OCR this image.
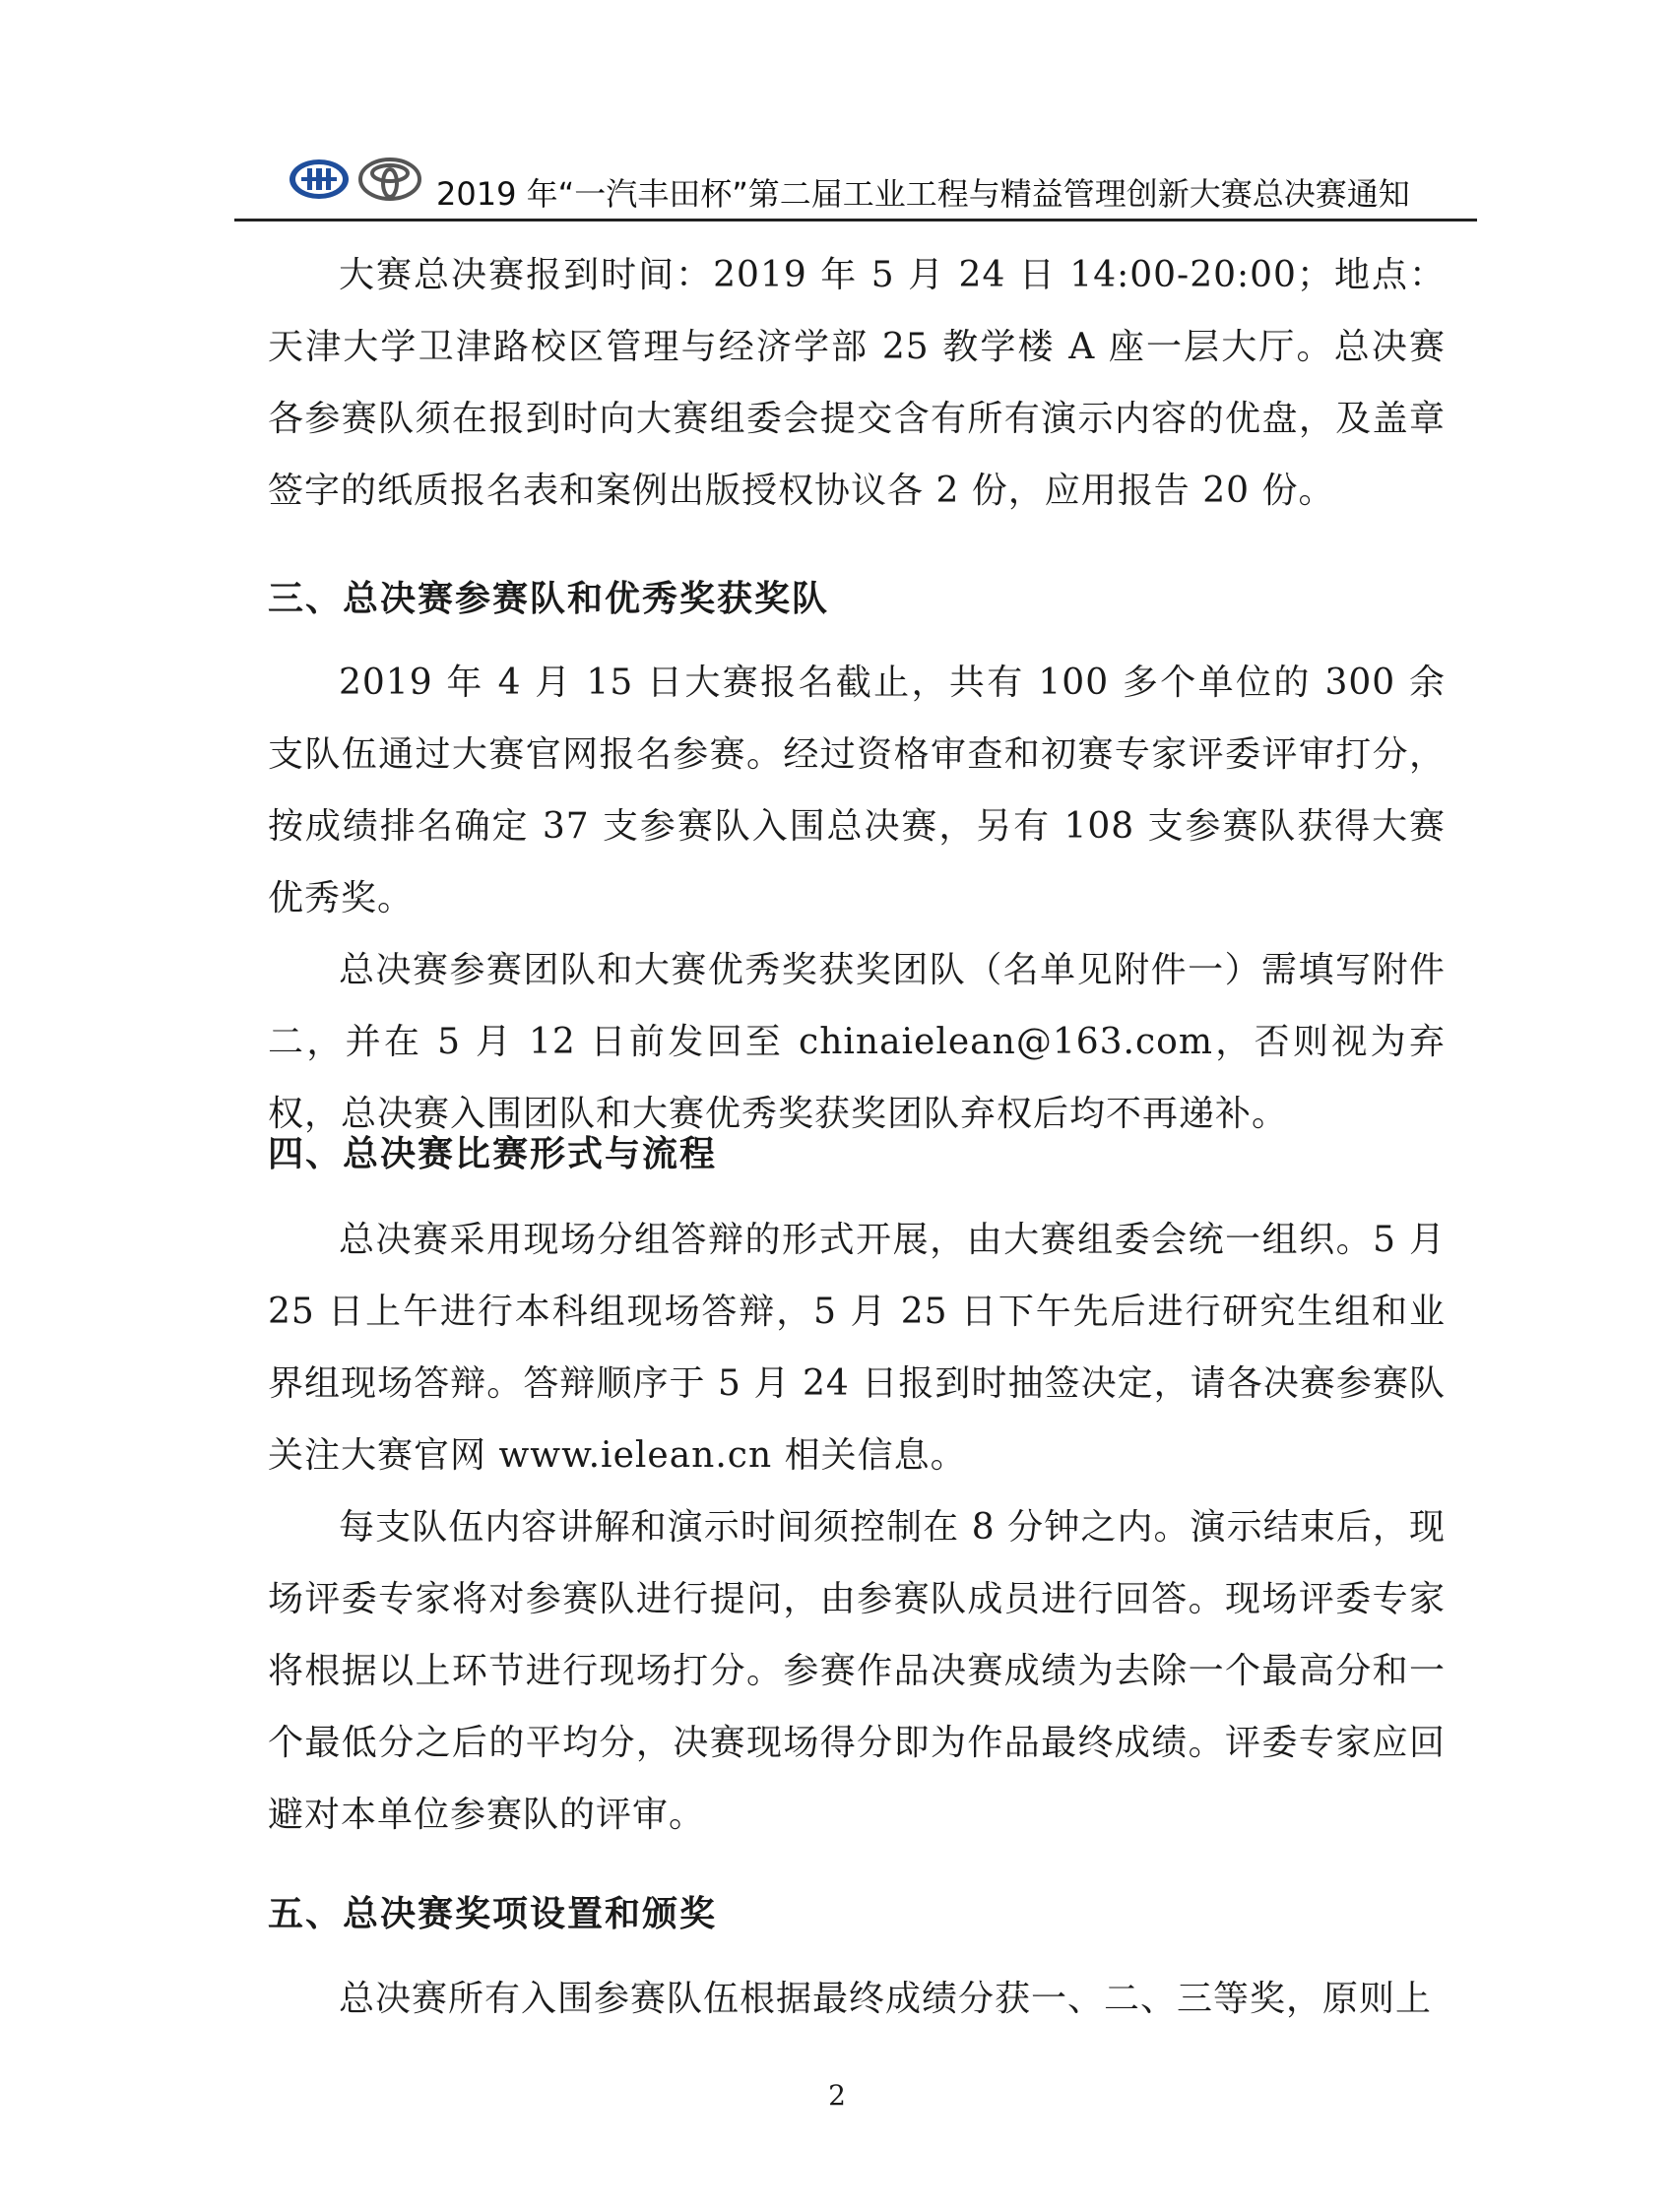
2019 年“一汽丰田杯”第二届工业工程与精益管理创新大赛总决赛通知

大赛总决赛报到时间：2019 年 5 月 24 日 14:00-20:00；地点：天津大学卫津路校区管理与经济学部 25 教学楼 A 座一层大厅。总决赛各参赛队须在报到时向大赛组委会提交含有所有演示内容的优盘，及盖章签字的纸质报名表和案例出版授权协议各 2 份，应用报告 20 份。

三、总决赛参赛队和优秀奖获奖队

2019 年 4 月 15 日大赛报名截止，共有 100 多个单位的 300 余支队伍通过大赛官网报名参赛。经过资格审查和初赛专家评委评审打分，按成绩排名确定 37 支参赛队入围总决赛，另有 108 支参赛队获得大赛优秀奖。

总决赛参赛团队和大赛优秀奖获奖团队（名单见附件一）需填写附件二，并在 5 月 12 日前发回至 chinaielean@163.com，否则视为弃权，总决赛入围团队和大赛优秀奖获奖团队弃权后均不再递补。

四、总决赛比赛形式与流程

总决赛采用现场分组答辩的形式开展，由大赛组委会统一组织。5 月 25 日上午进行本科组现场答辩，5 月 25 日下午先后进行研究生组和业界组现场答辩。答辩顺序于 5 月 24 日报到时抽签决定，请各决赛参赛队关注大赛官网 www.ielean.cn 相关信息。

每支队伍内容讲解和演示时间须控制在 8 分钟之内。演示结束后，现场评委专家将对参赛队进行提问，由参赛队成员进行回答。现场评委专家将根据以上环节进行现场打分。参赛作品决赛成绩为去除一个最高分和一个最低分之后的平均分，决赛现场得分即为作品最终成绩。评委专家应回避对本单位参赛队的评审。

五、总决赛奖项设置和颁奖

总决赛所有入围参赛队伍根据最终成绩分获一、二、三等奖，原则上

2
